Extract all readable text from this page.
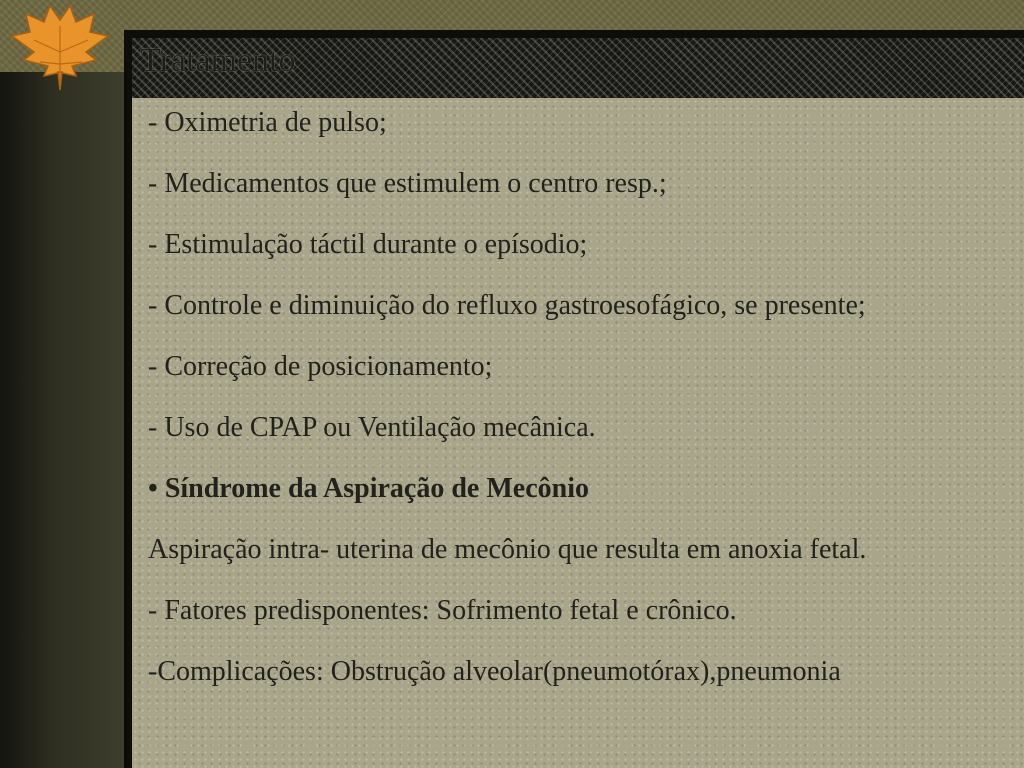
Tratamento

- Oximetria de pulso;

- Medicamentos que estimulem o centro resp.;

- Estimulação táctil durante o epísodio;

- Controle e diminuição do refluxo gastroesofágico, se presente;

- Correção de posicionamento;

- Uso de CPAP ou Ventilação mecânica.

• Síndrome da Aspiração de Mecônio

Aspiração intra- uterina de mecônio que resulta em anoxia fetal.

- Fatores predisponentes: Sofrimento fetal e crônico.

-Complicações: Obstrução alveolar(pneumotórax),pneumonia
